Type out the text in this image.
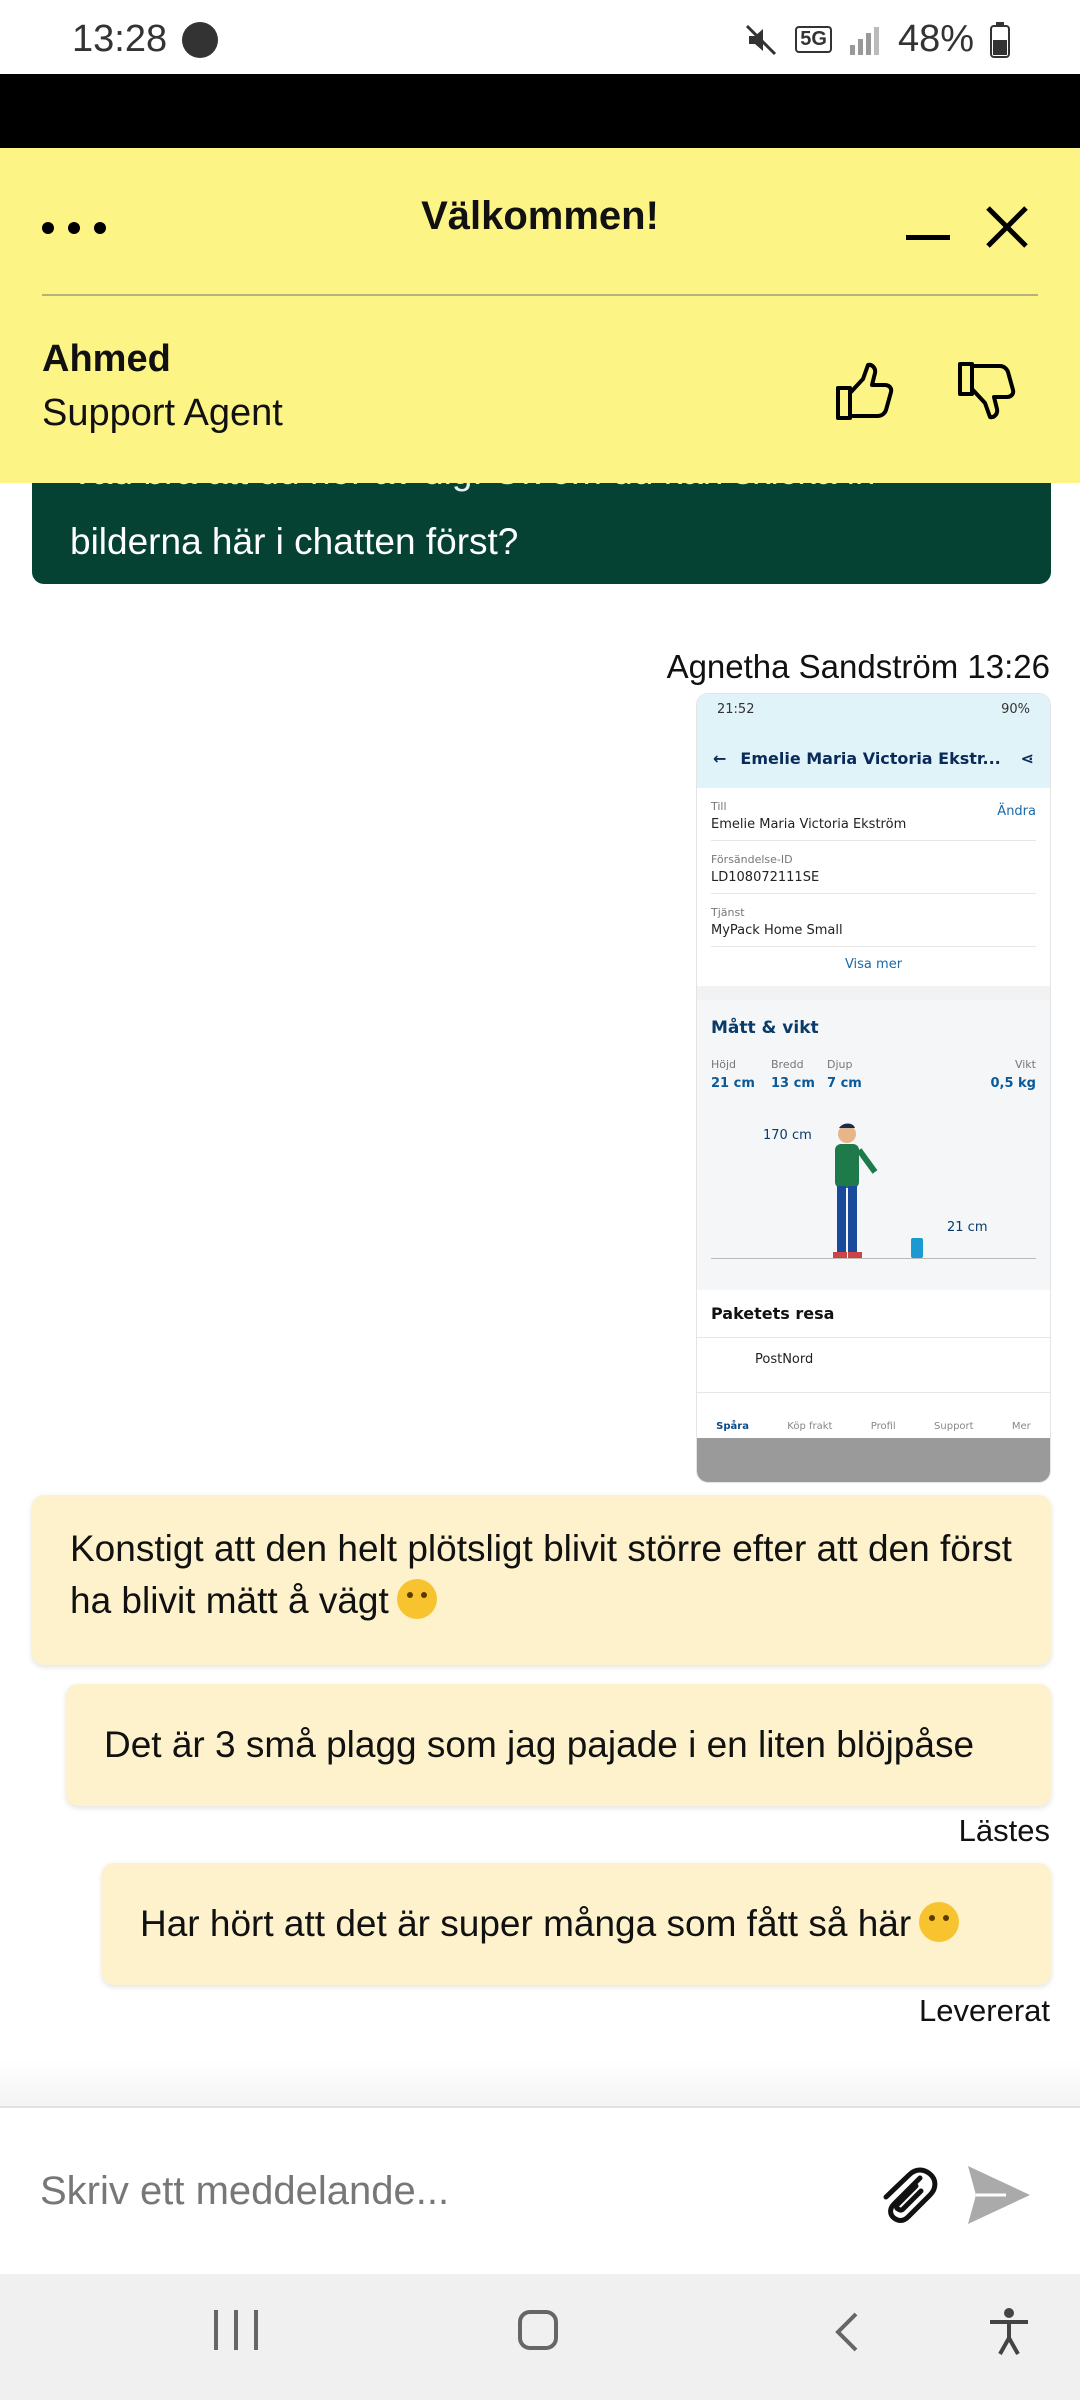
13:28	5G 48%
bilderna här i chatten först?
Välkommen!
Ahmed
Support Agent
Agnetha Sandström 13:26
21:52	90%
← Emelie Maria Victoria Ekstr... ⋖
Till
Emelie Maria Victoria Ekström
Ändra
Försändelse-ID
LD108072111SE
Tjänst
MyPack Home Small
Visa mer
Mått & vikt
Höjd	Bredd Djup	Vikt
21 cm 13 cm 7 cm	0,5 kg
170 cm
21 cm
Paketets resa
PostNord
Spåra	Köp frakt	Profil	Support	Mer
Konstigt att den helt plötsligt blivit större efter att den först ha blivit mätt å vägt
Det är 3 små plagg som jag pajade i en liten blöjpåse
Lästes
Har hört att det är super många som fått så här
Levererat
Skriv ett meddelande...
